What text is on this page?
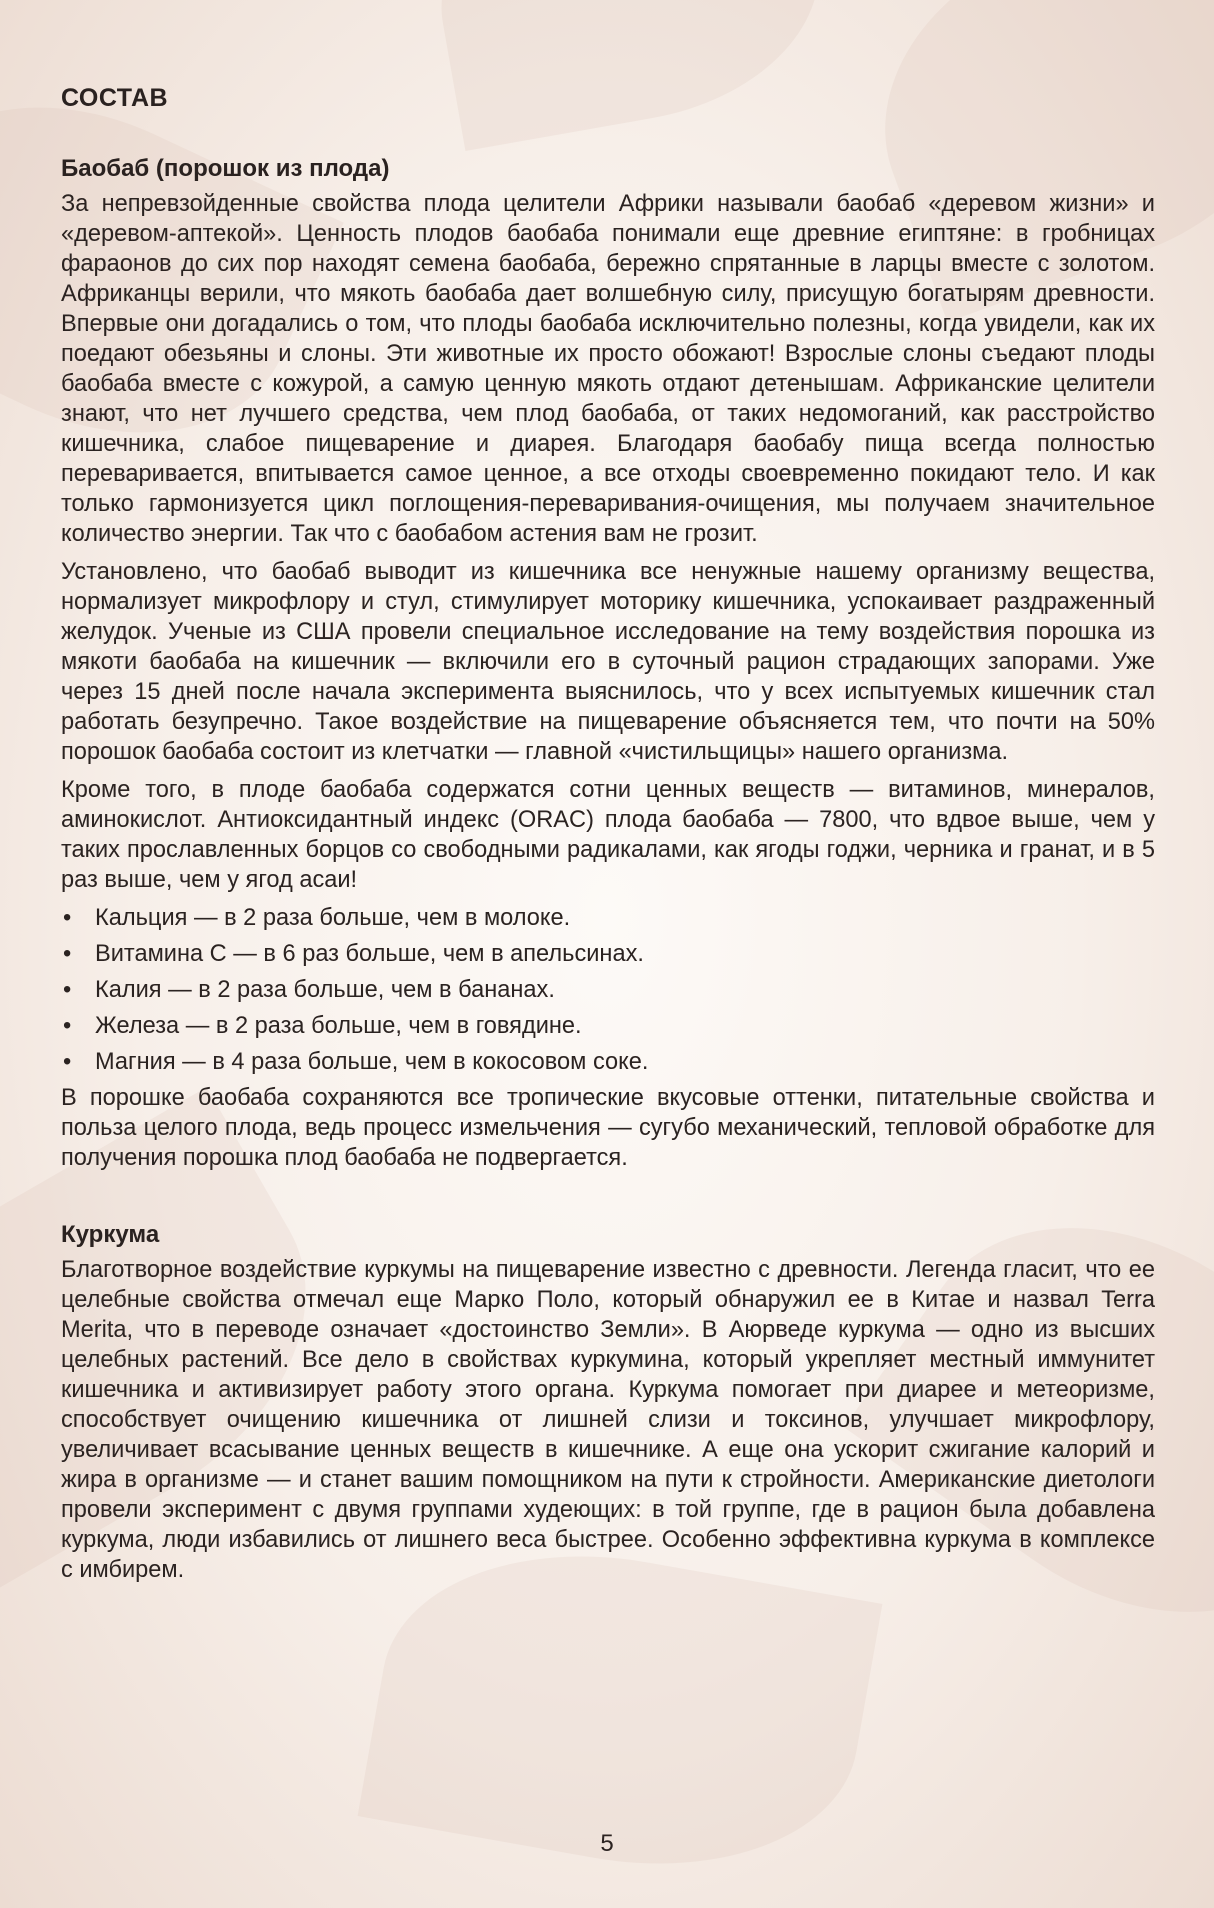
СОСТАВ
Баобаб (порошок из плода)

За непревзойденные свойства плода целители Африки называли баобаб «деревом жизни» и «деревом-аптекой». Ценность плодов баобаба понимали еще древние египтяне: в гробницах фараонов до сих пор находят семена баобаба, бережно спрятанные в ларцы вместе с золотом. Африканцы верили, что мякоть баобаба дает волшебную силу, присущую богатырям древности. Впервые они догадались о том, что плоды баобаба исключительно полезны, когда увидели, как их поедают обезьяны и слоны. Эти животные их просто обожают! Взрослые слоны съедают плоды баобаба вместе с кожурой, а самую ценную мякоть отдают детенышам. Африканские целители знают, что нет лучшего средства, чем плод баобаба, от таких недомоганий, как расстройство кишечника, слабое пищеварение и диарея. Благодаря баобабу пища всегда полностью переваривается, впитывается самое ценное, а все отходы своевременно покидают тело. И как только гармонизуется цикл поглощения-переваривания-очищения, мы получаем значительное количество энергии. Так что с баобабом астения вам не грозит.

Установлено, что баобаб выводит из кишечника все ненужные нашему организму вещества, нормализует микрофлору и стул, стимулирует моторику кишечника, успокаивает раздраженный желудок. Ученые из США провели специальное исследование на тему воздействия порошка из мякоти баобаба на кишечник — включили его в суточный рацион страдающих запорами. Уже через 15 дней после начала эксперимента выяснилось, что у всех испытуемых кишечник стал работать безупречно. Такое воздействие на пищеварение объясняется тем, что почти на 50% порошок баобаба состоит из клетчатки — главной «чистильщицы» нашего организма.

Кроме того, в плоде баобаба содержатся сотни ценных веществ — витаминов, минералов, аминокислот. Антиоксидантный индекс (ORAC) плода баобаба — 7800, что вдвое выше, чем у таких прославленных борцов со свободными радикалами, как ягоды годжи, черника и гранат, и в 5 раз выше, чем у ягод асаи!

• Кальция — в 2 раза больше, чем в молоке.
• Витамина С — в 6 раз больше, чем в апельсинах.
• Калия — в 2 раза больше, чем в бананах.
• Железа — в 2 раза больше, чем в говядине.
• Магния — в 4 раза больше, чем в кокосовом соке.

В порошке баобаба сохраняются все тропические вкусовые оттенки, питательные свойства и польза целого плода, ведь процесс измельчения — сугубо механический, тепловой обработке для получения порошка плод баобаба не подвергается.

Куркума

Благотворное воздействие куркумы на пищеварение известно с древности. Легенда гласит, что ее целебные свойства отмечал еще Марко Поло, который обнаружил ее в Китае и назвал Terra Merita, что в переводе означает «достоинство Земли». В Аюрведе куркума — одно из высших целебных растений. Все дело в свойствах куркумина, который укрепляет местный иммунитет кишечника и активизирует работу этого органа. Куркума помогает при диарее и метеоризме, способствует очищению кишечника от лишней слизи и токсинов, улучшает микрофлору, увеличивает всасывание ценных веществ в кишечнике. А еще она ускорит сжигание калорий и жира в организме — и станет вашим помощником на пути к стройности. Американские диетологи провели эксперимент с двумя группами худеющих: в той группе, где в рацион была добавлена куркума, люди избавились от лишнего веса быстрее. Особенно эффективна куркума в комплексе с имбирем.

5
